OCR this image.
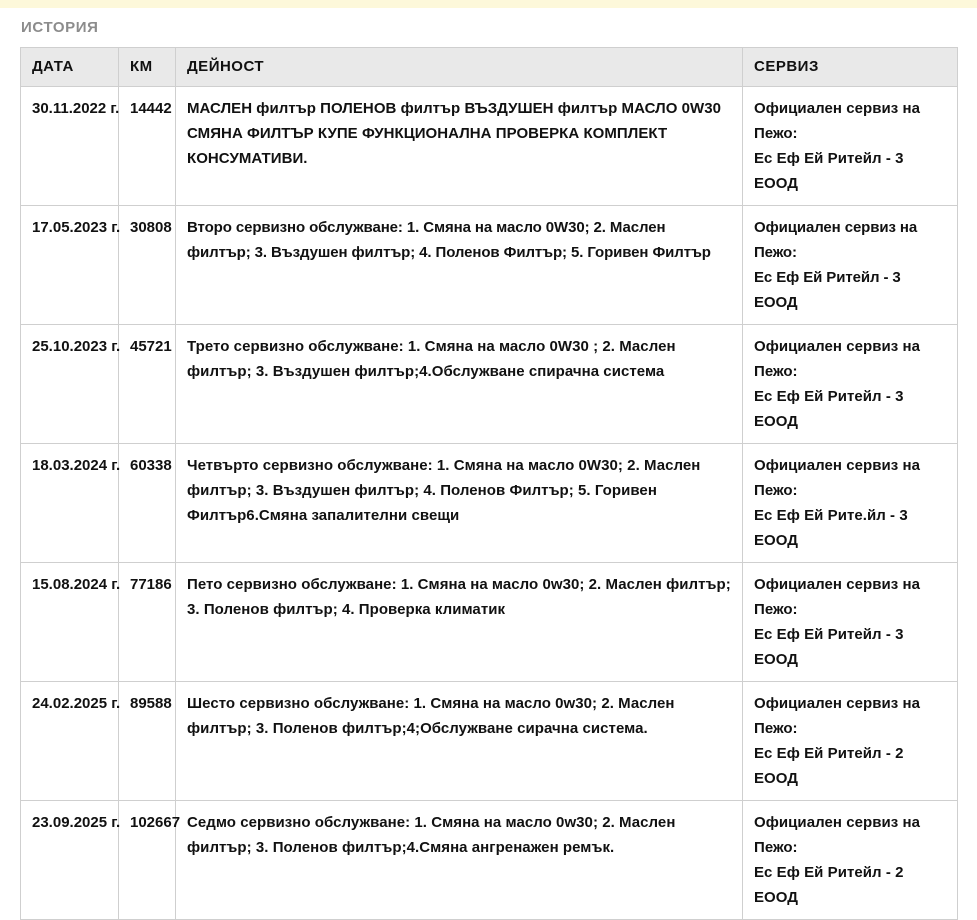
ИСТОРИЯ
ДАТА	КМ	ДЕЙНОСТ	СЕРВИЗ
30.11.2022 г.	14442	МАСЛЕН филтър ПОЛЕНОВ филтър ВЪЗДУШЕН филтър МАСЛО 0W30 СМЯНА ФИЛТЪР КУПЕ ФУНКЦИОНАЛНА ПРОВЕРКА КОМПЛЕКТ КОНСУМАТИВИ.	Официален сервиз на Пежо:
Ес Еф Ей Ритейл - 3 ЕООД

17.05.2023 г.	30808	Второ сервизно обслужване: 1. Смяна на масло 0W30; 2. Маслен филтър; 3. Въздушен филтър; 4. Поленов Филтър; 5. Горивен Филтър	Официален сервиз на Пежо:
Ес Еф Ей Ритейл - 3 ЕООД

25.10.2023 г.	45721	Трето сервизно обслужване: 1. Смяна на масло 0W30 ; 2. Маслен филтър; 3. Въздушен филтър;4.Обслужване спирачна система	Официален сервиз на Пежо:
Ес Еф Ей Ритейл - 3 ЕООД

18.03.2024 г.	60338	Четвърто сервизно обслужване: 1. Смяна на масло 0W30; 2. Маслен филтър; 3. Въздушен филтър; 4. Поленов Филтър; 5. Горивен Филтър6.Смяна запалителни свещи	Официален сервиз на Пежо:
Ес Еф Ей Рите.йл - 3 ЕООД

15.08.2024 г.	77186	Пето сервизно обслужване: 1. Смяна на масло 0w30; 2. Маслен филтър; 3. Поленов филтър; 4. Проверка климатик	Официален сервиз на Пежо:
Ес Еф Ей Ритейл - 3 ЕООД

24.02.2025 г.	89588	Шесто сервизно обслужване: 1. Смяна на масло 0w30; 2. Маслен филтър; 3. Поленов филтър;4;Обслужване сирачна система.	Официален сервиз на Пежо:
Ес Еф Ей Ритейл - 2 ЕООД

23.09.2025 г.	102667	Седмо сервизно обслужване: 1. Смяна на масло 0w30; 2. Маслен филтър; 3. Поленов филтър;4.Смяна ангренажен ремък.	Официален сервиз на Пежо:
Ес Еф Ей Ритейл - 2 ЕООД
